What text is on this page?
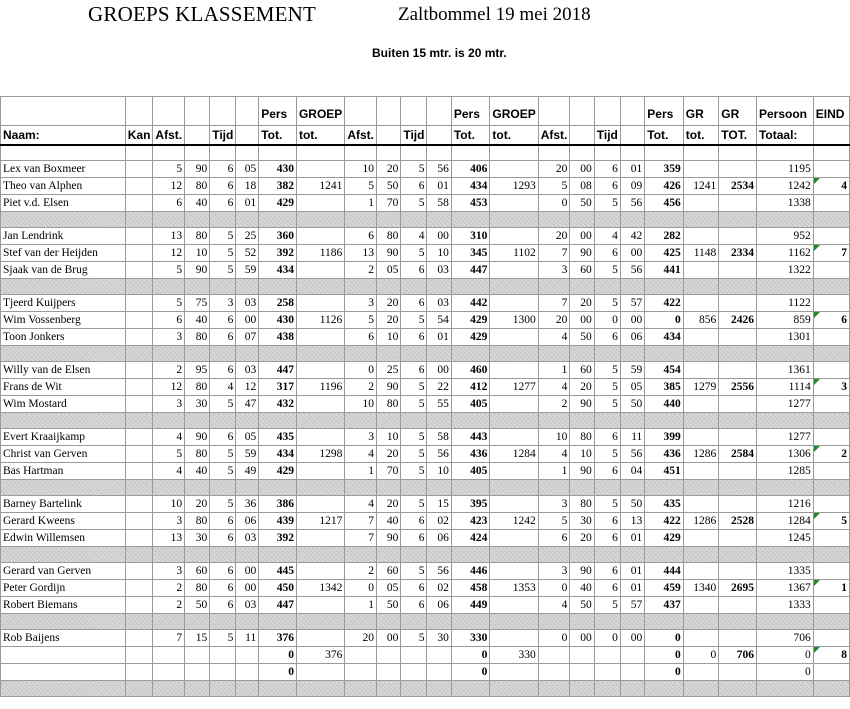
GROEPS KLASSEMENT	Zaltbommel 19 mei 2018
Buiten 15 mtr. is 20 mtr.
						Pers	GROEP					Pers	GROEP					Pers	GR	GR	Persoon	EIND
Naam:	Kan	Afst.		Tijd		Tot.	tot.	Afst.		Tijd		Tot.	tot.	Afst.		Tijd		Tot.	tot.	TOT.	Totaal:	

Lex van Boxmeer		5	90	6	05	430		10	20	5	56	406		20	00	6	01	359			1195	
Theo van Alphen		12	80	6	18	382	1241	5	50	6	01	434	1293	5	08	6	09	426	1241	2534	1242	4
Piet v.d. Elsen		6	40	6	01	429		1	70	5	58	453		0	50	5	56	456			1338	

Jan Lendrink		13	80	5	25	360		6	80	4	00	310		20	00	4	42	282			952	
Stef van der Heijden		12	10	5	52	392	1186	13	90	5	10	345	1102	7	90	6	00	425	1148	2334	1162	7
Sjaak van de Brug		5	90	5	59	434		2	05	6	03	447		3	60	5	56	441			1322	

Tjeerd Kuijpers		5	75	3	03	258		3	20	6	03	442		7	20	5	57	422			1122	
Wim Vossenberg		6	40	6	00	430	1126	5	20	5	54	429	1300	20	00	0	00	0	856	2426	859	6
Toon Jonkers		3	80	6	07	438		6	10	6	01	429		4	50	6	06	434			1301	

Willy van de Elsen		2	95	6	03	447		0	25	6	00	460		1	60	5	59	454			1361	
Frans de Wit		12	80	4	12	317	1196	2	90	5	22	412	1277	4	20	5	05	385	1279	2556	1114	3
Wim Mostard		3	30	5	47	432		10	80	5	55	405		2	90	5	50	440			1277	

Evert Kraaijkamp		4	90	6	05	435		3	10	5	58	443		10	80	6	11	399			1277	
Christ van Gerven		5	80	5	59	434	1298	4	20	5	56	436	1284	4	10	5	56	436	1286	2584	1306	2
Bas Hartman		4	40	5	49	429		1	70	5	10	405		1	90	6	04	451			1285	

Barney Bartelink		10	20	5	36	386		4	20	5	15	395		3	80	5	50	435			1216	
Gerard Kweens		3	80	6	06	439	1217	7	40	6	02	423	1242	5	30	6	13	422	1286	2528	1284	5
Edwin Willemsen		13	30	6	03	392		7	90	6	06	424		6	20	6	01	429			1245	

Gerard van Gerven		3	60	6	00	445		2	60	5	56	446		3	90	6	01	444			1335	
Peter Gordijn		2	80	6	00	450	1342	0	05	6	02	458	1353	0	40	6	01	459	1340	2695	1367	1
Robert Biemans		2	50	6	03	447		1	50	6	06	449		4	50	5	57	437			1333	

Rob Baijens		7	15	5	11	376		20	00	5	30	330		0	00	0	00	0			706	
						0	376					0	330					0	0	706	0	8
						0						0						0			0	
